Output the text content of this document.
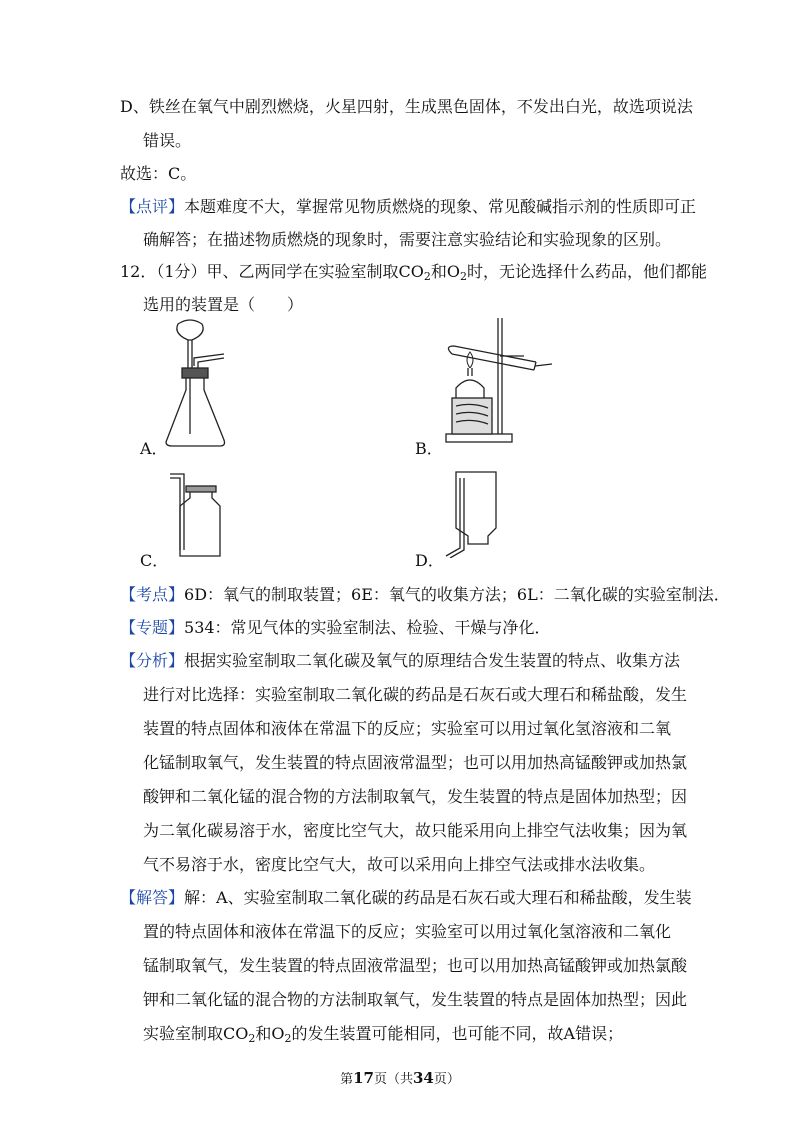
D、铁丝在氧气中剧烈燃烧，火星四射，生成黑色固体，不发出白光，故选项说法
错误。
故选：C。
【点评】本题难度不大，掌握常见物质燃烧的现象、常见酸碱指示剂的性质即可正
确解答；在描述物质燃烧的现象时，需要注意实验结论和实验现象的区别。
12．（1分）甲、乙两同学在实验室制取$CO_2$和$O_2$时，无论选择什么药品，他们都能
选用的装置是（　　）
A．	B．
C．	D．
【考点】6D：氧气的制取装置；6E：氧气的收集方法；6L：二氧化碳的实验室制法．
【专题】534：常见气体的实验室制法、检验、干燥与净化．
【分析】根据实验室制取二氧化碳及氧气的原理结合发生装置的特点、收集方法
进行对比选择：实验室制取二氧化碳的药品是石灰石或大理石和稀盐酸，发生
装置的特点固体和液体在常温下的反应；实验室可以用过氧化氢溶液和二氧
化锰制取氧气，发生装置的特点固液常温型；也可以用加热高锰酸钾或加热氯
酸钾和二氧化锰的混合物的方法制取氧气，发生装置的特点是固体加热型；因
为二氧化碳易溶于水，密度比空气大，故只能采用向上排空气法收集；因为氧
气不易溶于水，密度比空气大，故可以采用向上排空气法或排水法收集。
【解答】解：A、实验室制取二氧化碳的药品是石灰石或大理石和稀盐酸，发生装
置的特点固体和液体在常温下的反应；实验室可以用过氧化氢溶液和二氧化
锰制取氧气，发生装置的特点固液常温型；也可以用加热高锰酸钾或加热氯酸
钾和二氧化锰的混合物的方法制取氧气，发生装置的特点是固体加热型；因此
实验室制取$CO_2$和$O_2$的发生装置可能相同，也可能不同，故A错误；
第17页（共34页）
